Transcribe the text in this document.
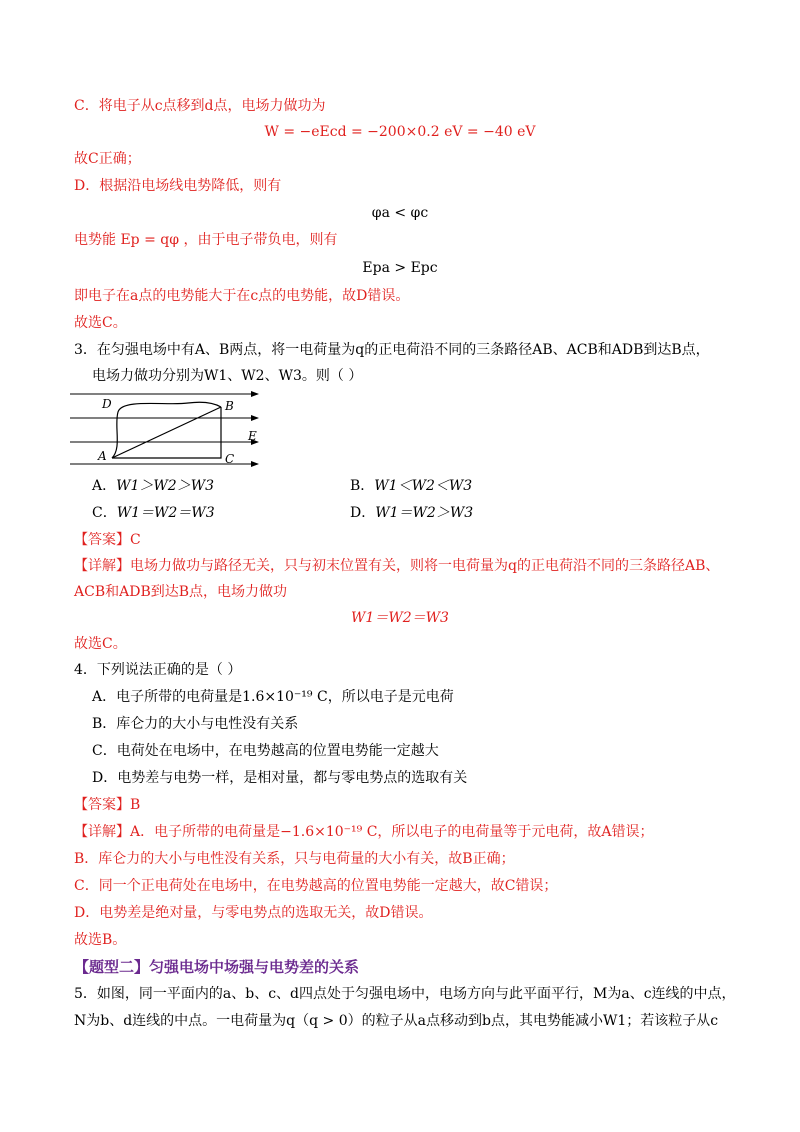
C．将电子从c点移到d点，电场力做功为
W = −eEcd = −200×0.2 eV = −40 eV
故C正确；
D．根据沿电场线电势降低，则有
φa < φc
电势能 Ep = qφ ，由于电子带负电，则有
Epa > Epc
即电子在a点的电势能大于在c点的电势能，故D错误。
故选C。
3．在匀强电场中有A、B两点，将一电荷量为q的正电荷沿不同的三条路径AB、ACB和ADB到达B点，
电场力做功分别为W1、W2、W3。则（ ）
D	B
E
A	C
A．W1＞W2＞W3	B．W1＜W2＜W3
C．W1＝W2＝W3	D．W1＝W2＞W3
【答案】C
【详解】电场力做功与路径无关，只与初末位置有关，则将一电荷量为q的正电荷沿不同的三条路径AB、
ACB和ADB到达B点，电场力做功
W1＝W2＝W3
故选C。
4．下列说法正确的是（ ）
A．电子所带的电荷量是1.6×10⁻¹⁹ C，所以电子是元电荷
B．库仑力的大小与电性没有关系
C．电荷处在电场中，在电势越高的位置电势能一定越大
D．电势差与电势一样，是相对量，都与零电势点的选取有关
【答案】B
【详解】A．电子所带的电荷量是−1.6×10⁻¹⁹ C，所以电子的电荷量等于元电荷，故A错误；
B．库仑力的大小与电性没有关系，只与电荷量的大小有关，故B正确；
C．同一个正电荷处在电场中，在电势越高的位置电势能一定越大，故C错误；
D．电势差是绝对量，与零电势点的选取无关，故D错误。
故选B。
【题型二】匀强电场中场强与电势差的关系
5．如图，同一平面内的a、b、c、d四点处于匀强电场中，电场方向与此平面平行，M为a、c连线的中点，
N为b、d连线的中点。一电荷量为q（q > 0）的粒子从a点移动到b点，其电势能减小W1；若该粒子从c
